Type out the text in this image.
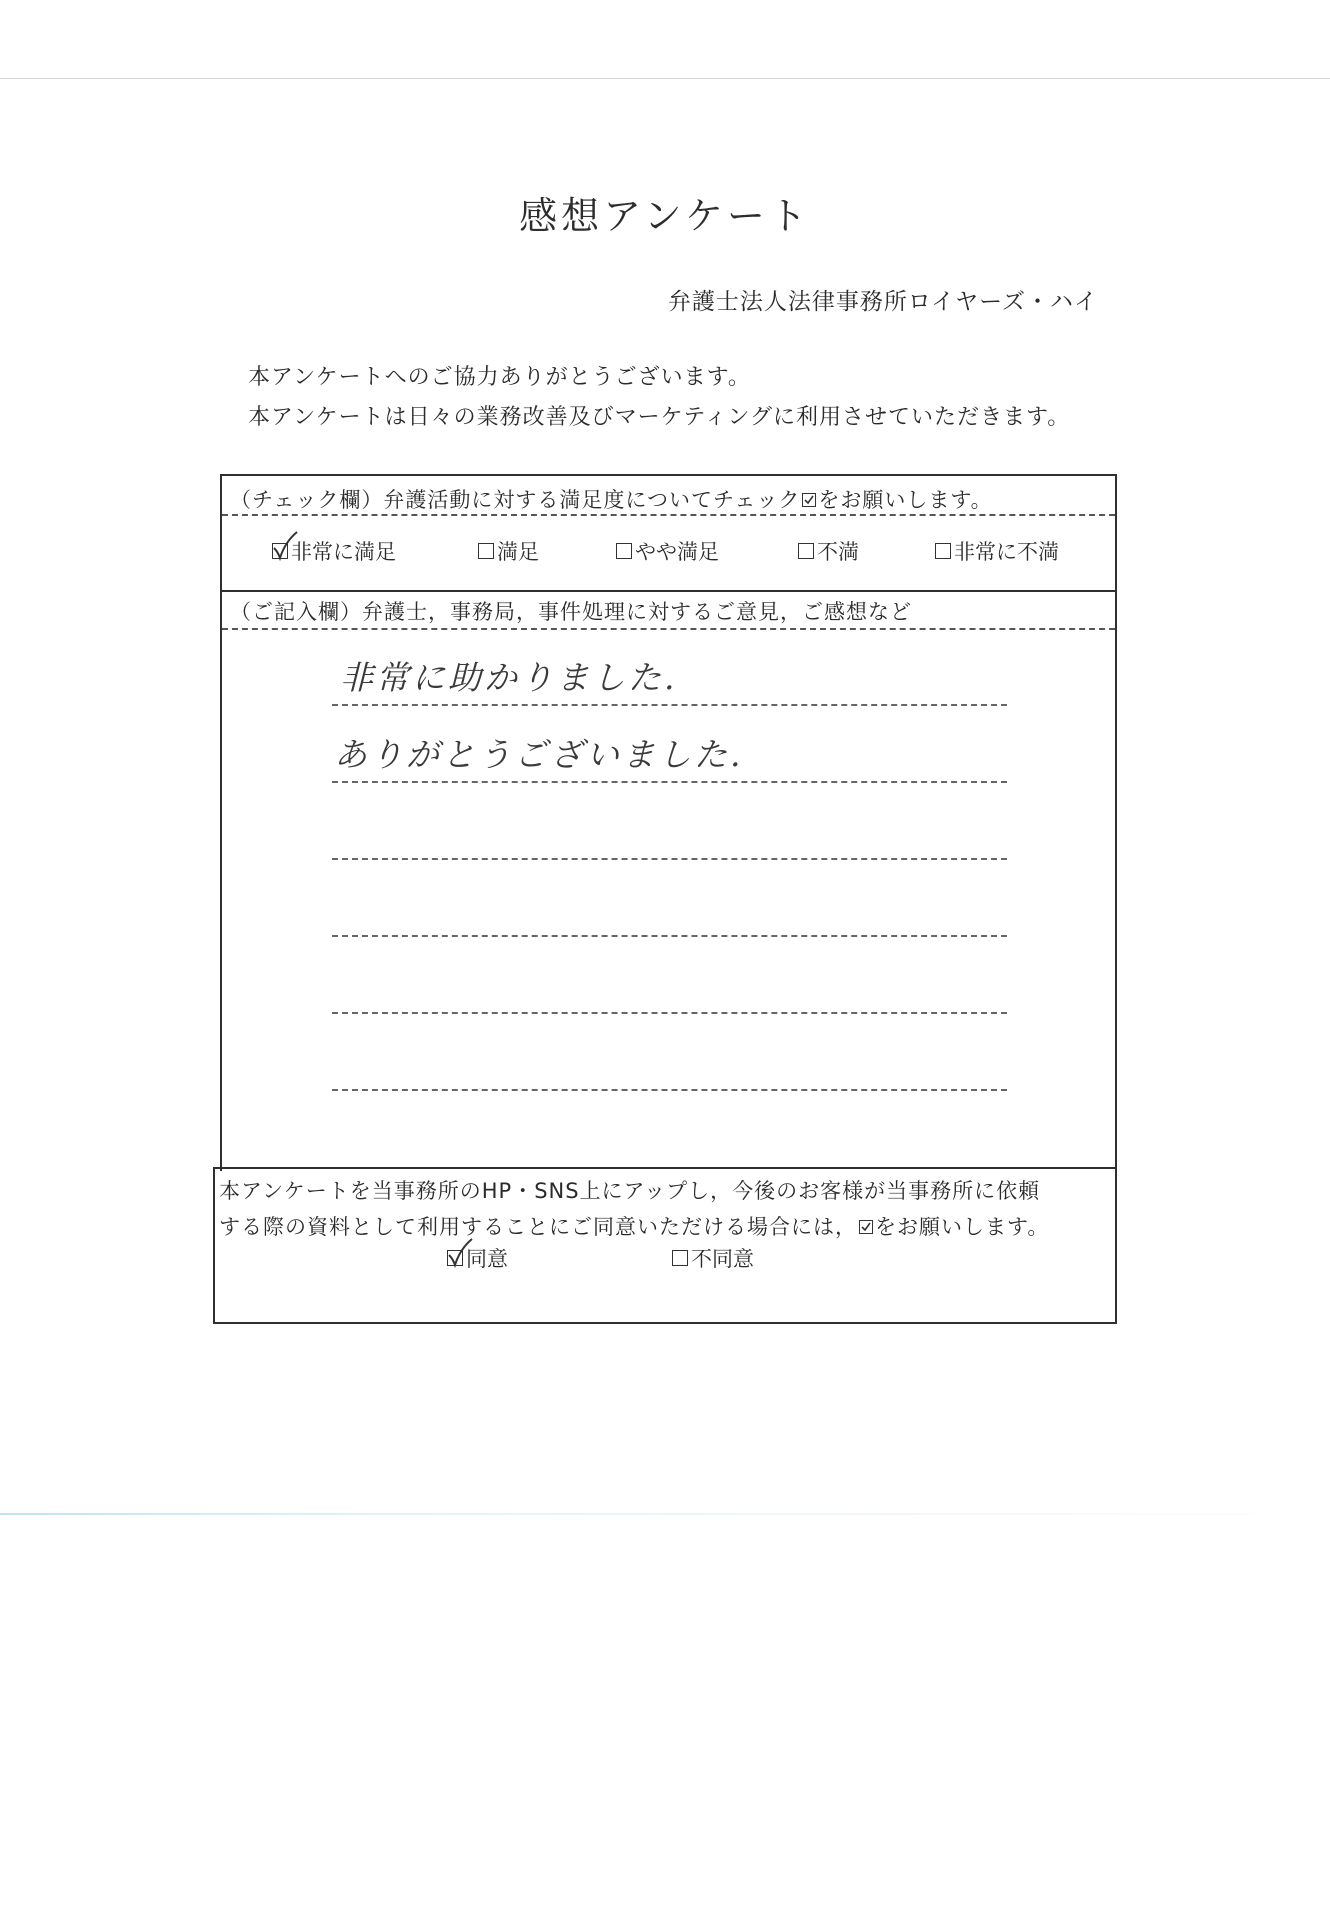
感想アンケート
弁護士法人法律事務所ロイヤーズ・ハイ
本アンケートへのご協力ありがとうございます。
本アンケートは日々の業務改善及びマーケティングに利用させていただきます。
（チェック欄）弁護活動に対する満足度についてチェック をお願いします。
非常に満足	満足	やや満足	不満	非常に不満
（ご記入欄）弁護士，事務局，事件処理に対するご意見，ご感想など
非常に助かりました.
ありがとうございました.
本アンケートを当事務所のHP・SNS上にアップし，今後のお客様が当事務所に依頼
する際の資料として利用することにご同意いただける場合には， をお願いします。
同意	不同意
